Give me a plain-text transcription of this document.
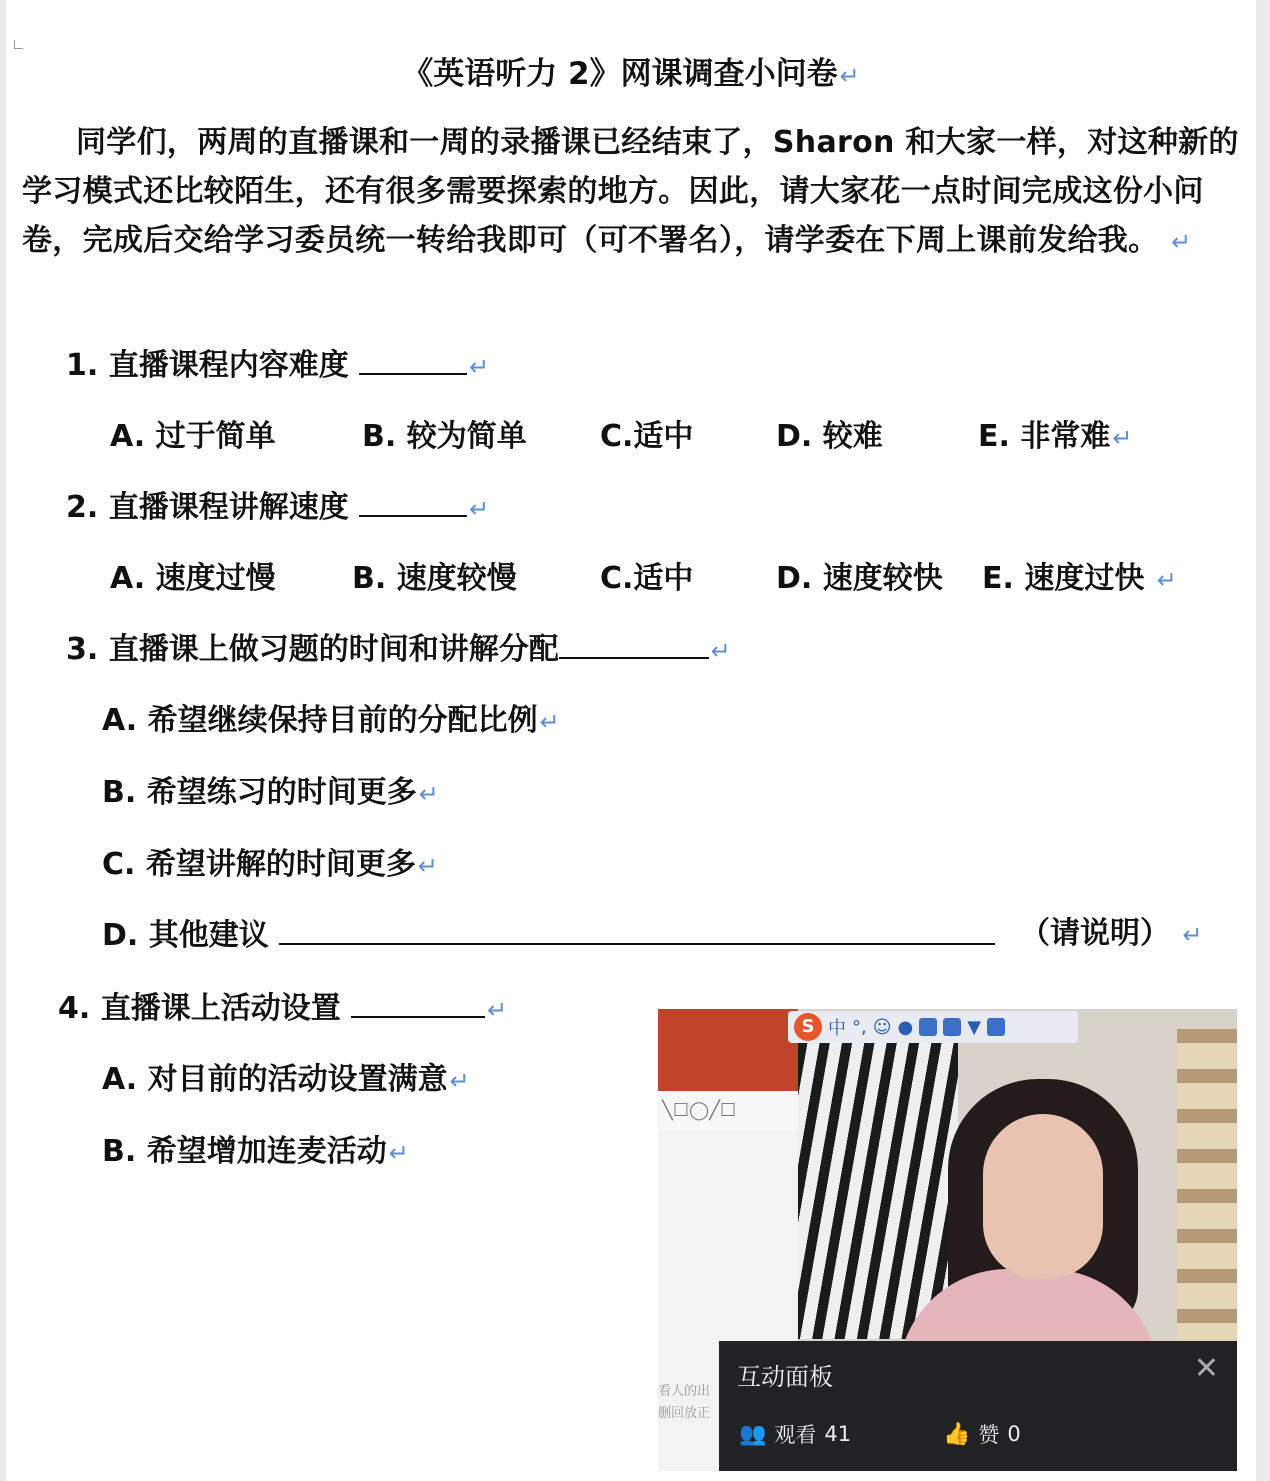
《英语听力 2》网课调查小问卷↵
同学们，两周的直播课和一周的录播课已经结束了，Sharon 和大家一样，对这种新的学习模式还比较陌生，还有很多需要探索的地方。因此，请大家花一点时间完成这份小问卷，完成后交给学习委员统一转给我即可（可不署名），请学委在下周上课前发给我。 ↵
1. 直播课程内容难度	↵
A. 过于简单	B. 较为简单 C.适中	D. 较难	E. 非常难↵
2. 直播课程讲解速度	↵
A. 速度过慢	B. 速度较慢	C.适中	D. 速度较快 E. 速度过快 ↵
3. 直播课上做习题的时间和讲解分配	↵
A. 希望继续保持目前的分配比例↵
B. 希望练习的时间更多↵
C. 希望讲解的时间更多↵
D. 其他建议	（请说明） ↵
4. 直播课上活动设置	↵
A. 对目前的活动设置满意↵
B. 希望增加连麦活动↵
╲☐◯╱☐
看人的出
删回放正
S 中 °, ☺ ●	▼
互动面板	✕
👥 观看 41	👍 赞 0
